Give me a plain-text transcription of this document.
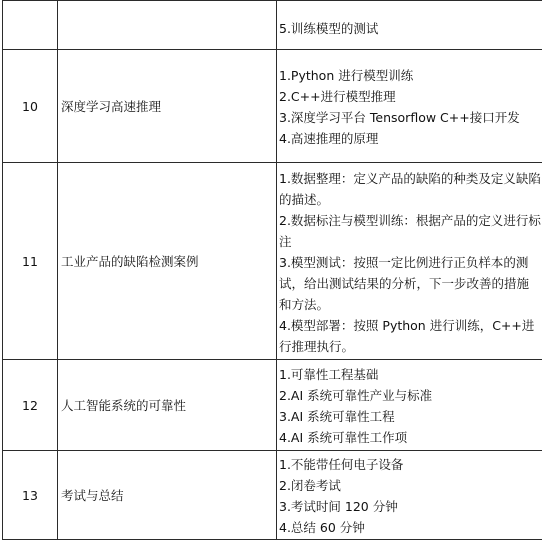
		5.训练模型的测试

10	深度学习高速推理	1.Python 进行模型训练
2.C++进行模型推理
3.深度学习平台 Tensorflow C++接口开发
4.高速推理的原理

11	工业产品的缺陷检测案例	1.数据整理：定义产品的缺陷的种类及定义缺陷的描述。
2.数据标注与模型训练：根据产品的定义进行标注
3.模型测试：按照一定比例进行正负样本的测试，给出测试结果的分析，下一步改善的措施和方法。
4.模型部署：按照 Python 进行训练，C++进行推理执行。

12	人工智能系统的可靠性	1.可靠性工程基础
2.AI 系统可靠性产业与标准
3.AI 系统可靠性工程
4.AI 系统可靠性工作项

13	考试与总结	1.不能带任何电子设备
2.闭卷考试
3.考试时间 120 分钟
4.总结 60 分钟
